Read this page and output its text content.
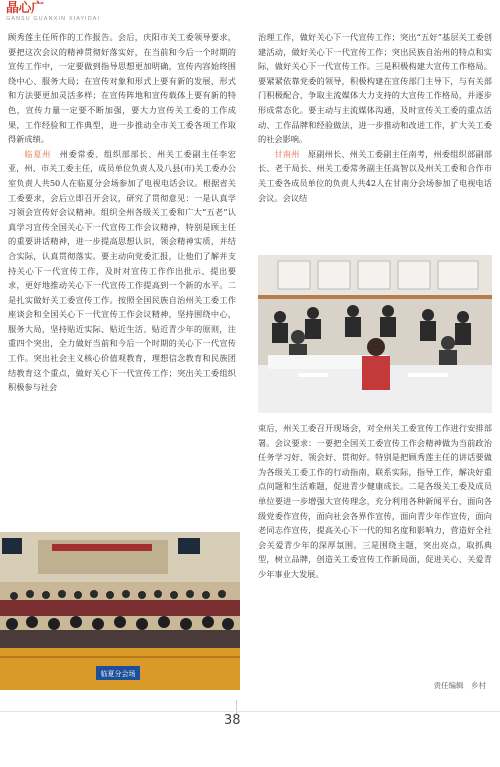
晶心广
GANSU GUANXIN XIAYIDAI

顾秀莲主任所作的工作报告。会后，庆阳市关工委领导要求，要把这次会议的精神贯彻好落实好，在当前和今后一个时期的宣传工作中，一定要做到指导思想更加明确，宣传内容始终围绕中心、服务大局；在宣传对象和形式上要有新的发展，形式和方法要更加灵活多样；在宣传阵地和宣传载体上要有新的特色，宣传力量一定要不断加强，要大力宣传关工委的工作成果，工作经验和工作典型，进一步推动全市关工委各项工作取得新成绩。

临夏州　 州委常委、组织部部长、州关工委副主任李宏亚，州、市关工委主任，成员单位负责人及八县(市)关工委办公室负责人共50人在临夏分会场参加了电视电话会议。根据省关工委要求，会后立即召开会议，研究了贯彻意见：一是认真学习领会宣传好会议精神。组织全州各级关工委和广大“五老”认真学习宣传全国关心下一代宣传工作会议精神，特别是顾主任的重要讲话精神，进一步提高思想认识，领会精神实质，并结合实际，认真贯彻落实。要主动向党委汇报，让他们了解并支持关心下一代宣传工作，及时对宣传工作作出批示、提出要求，更好地推动关心下一代宣传工作提高到一个新的水平。二是扎实做好关工委宣传工作。按照全国民族自治州关工委工作座谈会和全国关心下一代宣传工作会议精神，坚持围绕中心，服务大局，坚持贴近实际、贴近生活、贴近青少年的原则，注重四个突出，全力做好当前和今后一个时期的关心下一代宣传工作。突出社会主义核心价值观教育，理想信念教育和民族团结教育这个重点，做好关心下一代宣传工作；突出关工委组织积极参与社会

治理工作，做好关心下一代宣传工作；突出“五好”基层关工委创建活动，做好关心下一代宣传工作；突出民族自治州的特点和实际，做好关心下一代宣传工作。三是积极构建大宣传工作格局。要紧紧依靠党委的领导，积极构建在宣传部门主导下，与有关部门积极配合，争取主流媒体大力支持的大宣传工作格局，并逐步形成常态化。要主动与主流媒体沟通，及时宣传关工委的重点活动、工作品牌和经验做法，进一步推动和改进工作，扩大关工委的社会影响。

甘南州　 原副州长、州关工委副主任南考，州委组织部副部长、老干局长、州关工委常务副主任高智以及州关工委和合作市关工委各成员单位的负责人共42人在甘南分会场参加了电视电话会议。会议结

束后，州关工委召开现场会，对全州关工委宣传工作进行安排部署。会议要求：一要把全国关工委宣传工作会精神做为当前政治任务学习好、领会好、贯彻好。特别是把顾秀莲主任的讲话要做为各级关工委工作的行动指南，联系实际，指导工作，解决好重点问题和生活难题，促进青少健康成长。二是各级关工委及成员单位要进一步增强大宣传理念，充分利用各种新闻平台，面向各级党委作宣传，面向社会各界作宣传，面向青少年作宣传，面向老同志作宣传，提高关心下一代的知名度和影响力，营造好全社会关爱青少年的深厚氛围。三是围绕主题，突出亮点，取抓典型，树立品牌，创造关工委宣传工作新局面，促进关心、关爱青少年事业大发展。

临夏分会场
责任编辑　乡村
38
